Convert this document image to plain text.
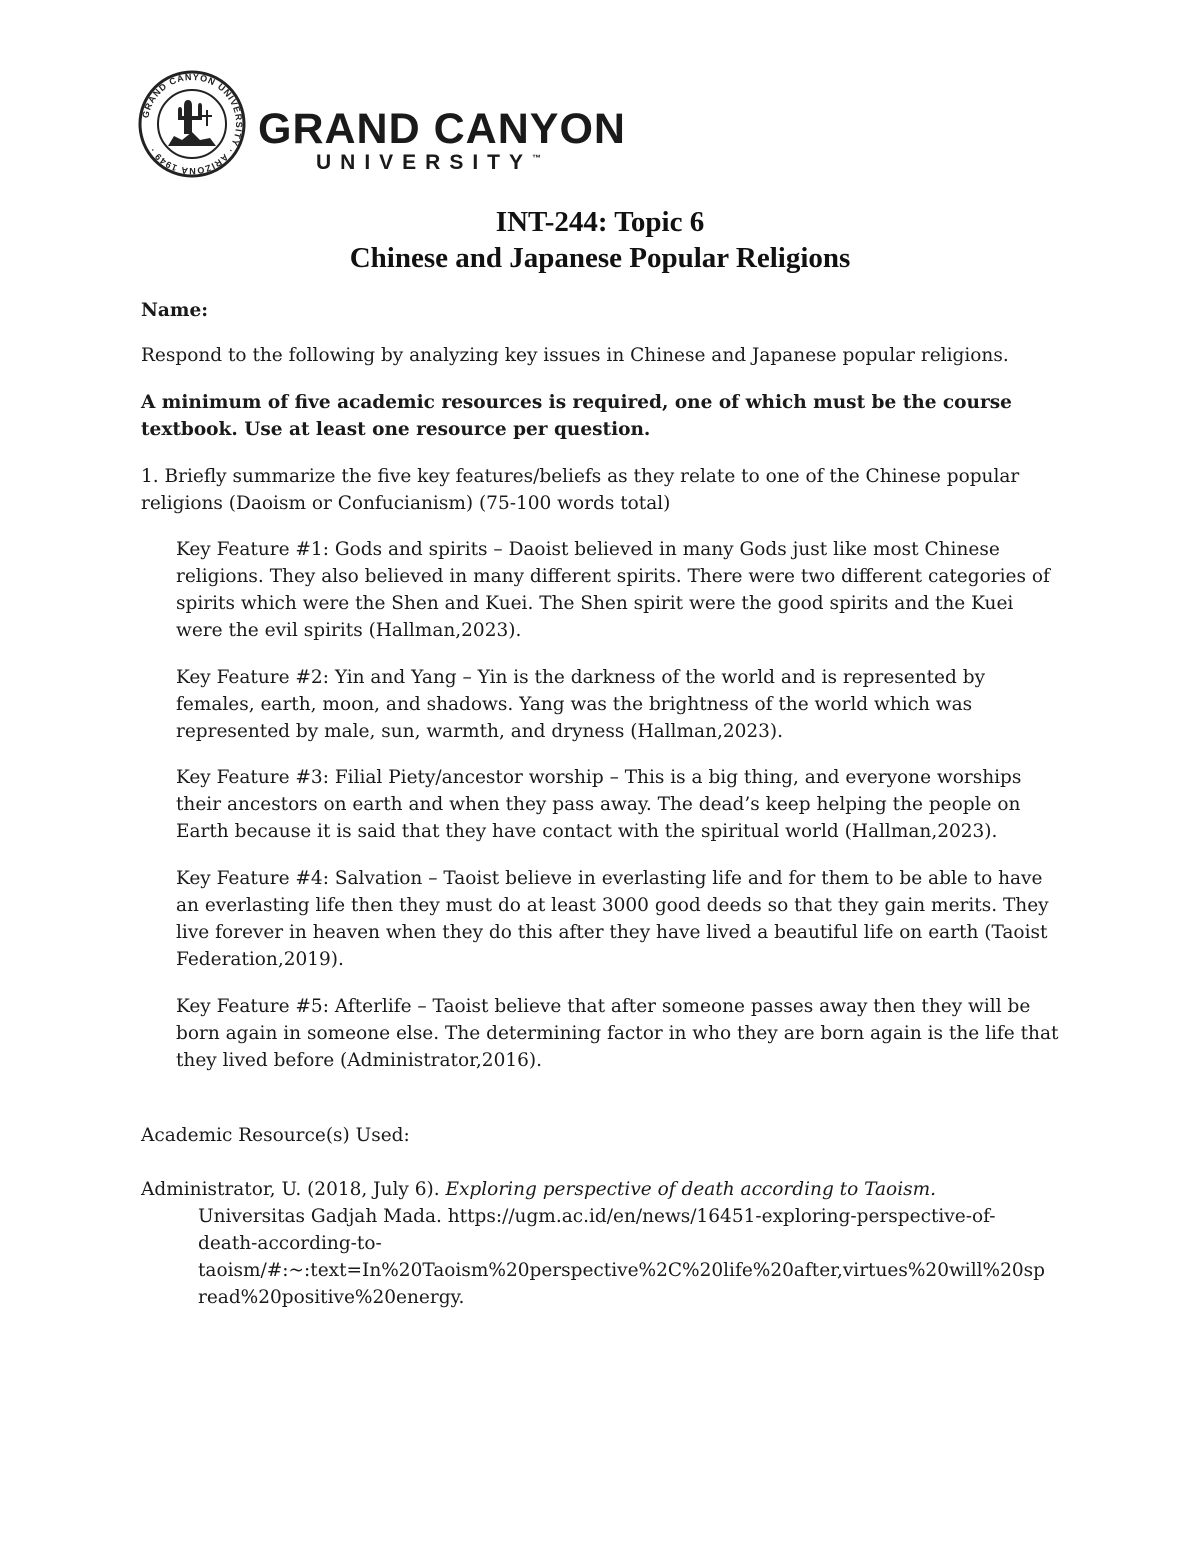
GRAND CANYON UNIVERSITY · ARIZONA 1949 ·	GRAND CANYON
UNIVERSITY™
INT-244: Topic 6
Chinese and Japanese Popular Religions

Name:

Respond to the following by analyzing key issues in Chinese and Japanese popular religions.

A minimum of five academic resources is required, one of which must be the course
textbook. Use at least one resource per question.

1. Briefly summarize the five key features/beliefs as they relate to one of the Chinese popular
religions (Daoism or Confucianism) (75-100 words total)

Key Feature #1: Gods and spirits – Daoist believed in many Gods just like most Chinese
religions. They also believed in many different spirits. There were two different categories of
spirits which were the Shen and Kuei. The Shen spirit were the good spirits and the Kuei
were the evil spirits (Hallman,2023).

Key Feature #2: Yin and Yang – Yin is the darkness of the world and is represented by
females, earth, moon, and shadows. Yang was the brightness of the world which was
represented by male, sun, warmth, and dryness (Hallman,2023).

Key Feature #3: Filial Piety/ancestor worship – This is a big thing, and everyone worships
their ancestors on earth and when they pass away. The dead’s keep helping the people on
Earth because it is said that they have contact with the spiritual world (Hallman,2023).

Key Feature #4: Salvation – Taoist believe in everlasting life and for them to be able to have
an everlasting life then they must do at least 3000 good deeds so that they gain merits. They
live forever in heaven when they do this after they have lived a beautiful life on earth (Taoist
Federation,2019).

Key Feature #5: Afterlife – Taoist believe that after someone passes away then they will be
born again in someone else. The determining factor in who they are born again is the life that
they lived before (Administrator,2016).

Academic Resource(s) Used:

Administrator, U. (2018, July 6). Exploring perspective of death according to Taoism.
Universitas Gadjah Mada. https://ugm.ac.id/en/news/16451-exploring-perspective-of-
death-according-to-
taoism/#:~:text=In%20Taoism%20perspective%2C%20life%20after,virtues%20will%20sp
read%20positive%20energy.
